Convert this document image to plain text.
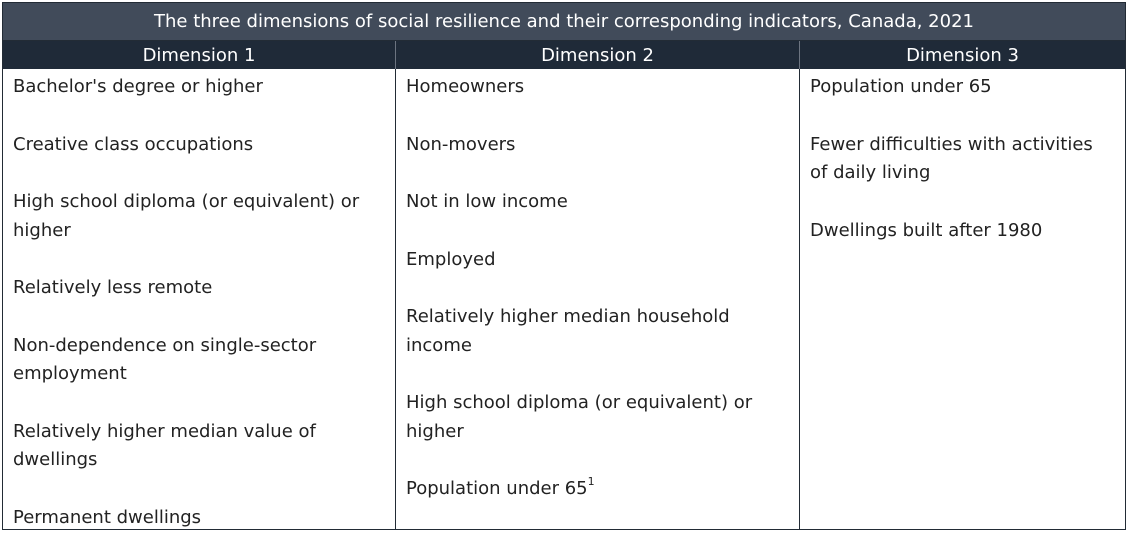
The three dimensions of social resilience and their corresponding indicators, Canada, 2021
Dimension 1	Dimension 2	Dimension 3
Bachelor's degree or higher
Creative class occupations
High school diploma (or equivalent) or higher
Relatively less remote
Non-dependence on single-sector employment
Relatively higher median value of dwellings
Permanent dwellings
Homeowners
Non-movers
Not in low income
Employed
Relatively higher median household income
High school diploma (or equivalent) or higher
Population under $65^1$
Population under 65
Fewer difficulties with activities of daily living
Dwellings built after 1980
